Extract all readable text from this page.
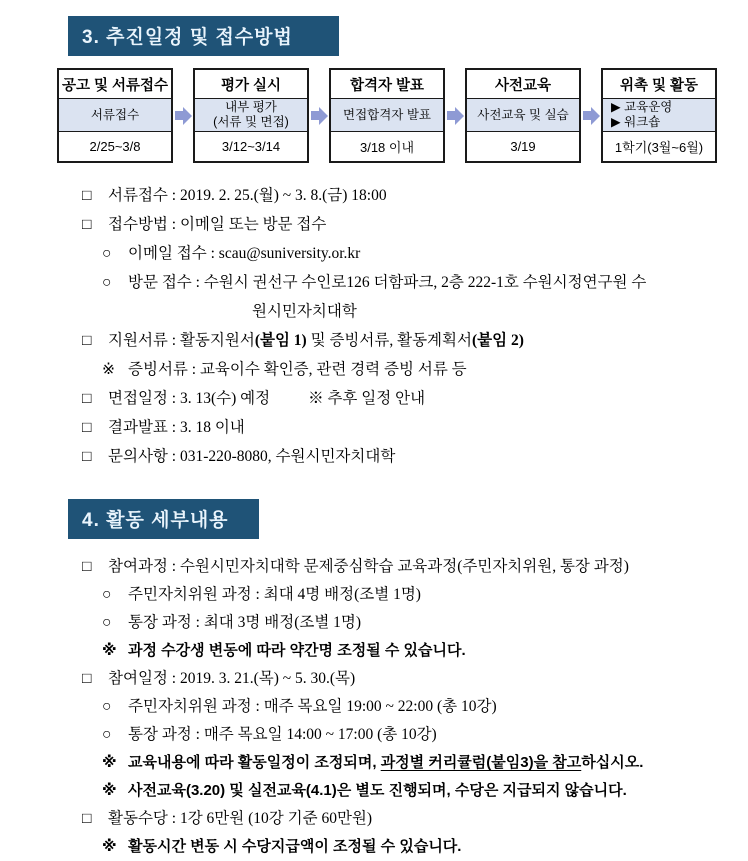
3. 추진일정 및 접수방법
공고 및 서류접수
서류접수
2/25~3/8
평가 실시
내부 평가
(서류 및 면접)
3/12~3/14
합격자 발표
면접합격자 발표
3/18 이내
사전교육
사전교육 및 실습
3/19
위촉 및 활동
▶ 교육운영
▶ 워크숍
1학기(3월~6월)
□	서류접수 : 2019. 2. 25.(월) ~ 3. 8.(금) 18:00
□	접수방법 : 이메일 또는 방문 접수
○	이메일 접수 : scau@suniversity.or.kr
○	방문 접수 : 수원시 권선구 수인로126 더함파크, 2층 222-1호 수원시정연구원 수
원시민자치대학
□	지원서류 : 활동지원서(붙임 1) 및 증빙서류, 활동계획서(붙임 2)
※ 증빙서류 : 교육이수 확인증, 관련 경력 증빙 서류 등
□	면접일정 : 3. 13(수) 예정 ※ 추후 일정 안내
□	결과발표 : 3. 18 이내
□	문의사항 : 031-220-8080, 수원시민자치대학
4. 활동 세부내용
□	참여과정 : 수원시민자치대학 문제중심학습 교육과정(주민자치위원, 통장 과정)
○	주민자치위원 과정 : 최대 4명 배정(조별 1명)
○	통장 과정 : 최대 3명 배정(조별 1명)
※ 과정 수강생 변동에 따라 약간명 조정될 수 있습니다.
□	참여일정 : 2019. 3. 21.(목) ~ 5. 30.(목)
○	주민자치위원 과정 : 매주 목요일 19:00 ~ 22:00 (총 10강)
○	통장 과정 : 매주 목요일 14:00 ~ 17:00 (총 10강)
※ 교육내용에 따라 활동일정이 조정되며, 과정별 커리큘럼(붙임3)을 참고하십시오.
※ 사전교육(3.20) 및 실전교육(4.1)은 별도 진행되며, 수당은 지급되지 않습니다.
□	활동수당 : 1강 6만원 (10강 기준 60만원)
※ 활동시간 변동 시 수당지급액이 조정될 수 있습니다.
